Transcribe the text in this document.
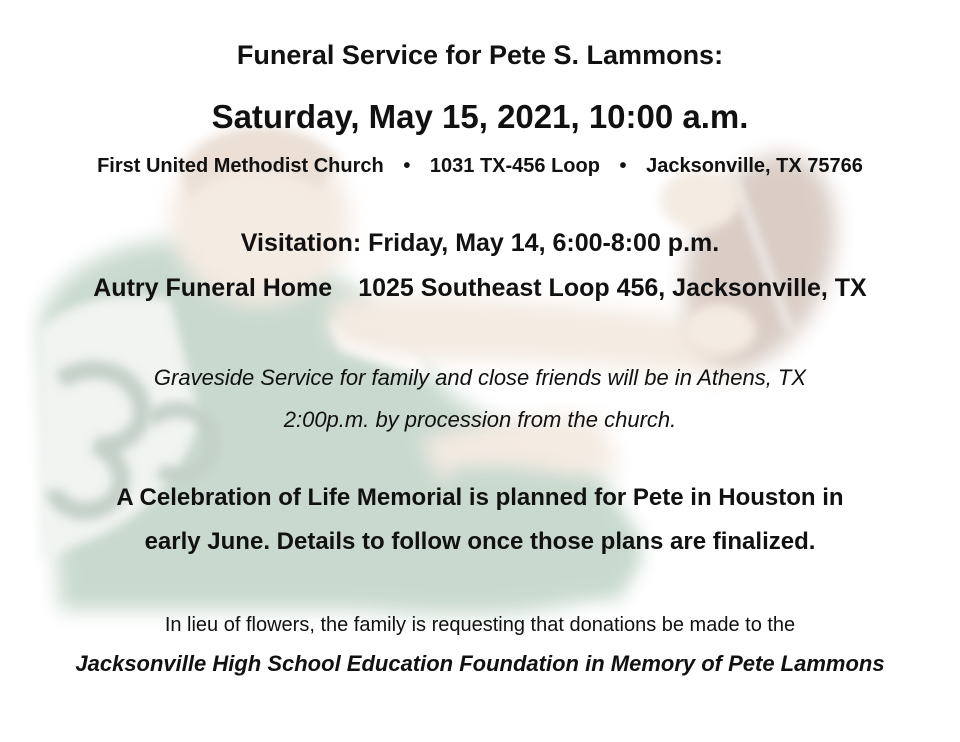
Funeral Service for Pete S. Lammons:
Saturday, May 15, 2021, 10:00 a.m.
First United Methodist Church • 1031 TX-456 Loop • Jacksonville, TX 75766
Visitation: Friday, May 14, 6:00-8:00 p.m.
Autry Funeral Home 1025 Southeast Loop 456, Jacksonville, TX
Graveside Service for family and close friends will be in Athens, TX
2:00p.m. by procession from the church.
A Celebration of Life Memorial is planned for Pete in Houston in
early June. Details to follow once those plans are finalized.
In lieu of flowers, the family is requesting that donations be made to the
Jacksonville High School Education Foundation in Memory of Pete Lammons
